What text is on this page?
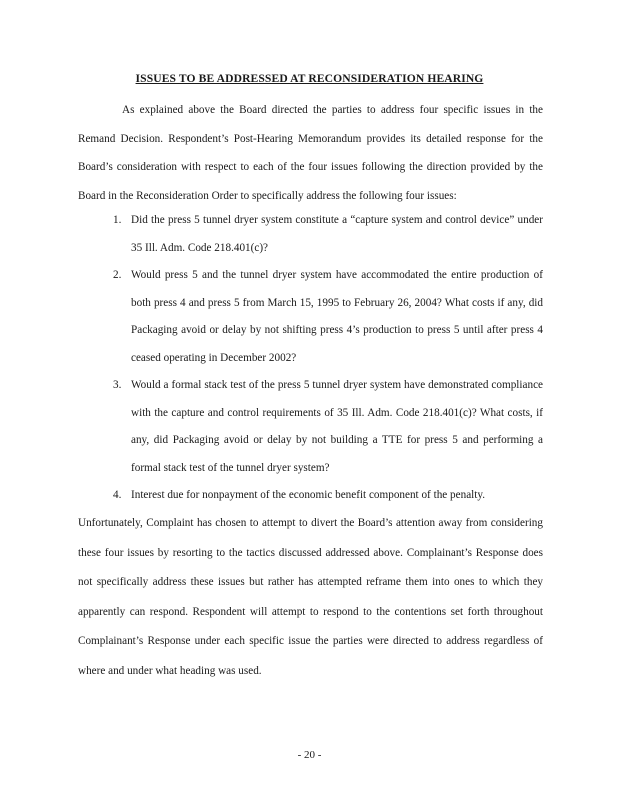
ISSUES TO BE ADDRESSED AT RECONSIDERATION HEARING

As explained above the Board directed the parties to address four specific issues in the Remand Decision. Respondent’s Post-Hearing Memorandum provides its detailed response for the Board’s consideration with respect to each of the four issues following the direction provided by the Board in the Reconsideration Order to specifically address the following four issues:

1. Did the press 5 tunnel dryer system constitute a “capture system and control device” under 35 Ill. Adm. Code 218.401(c)?
2. Would press 5 and the tunnel dryer system have accommodated the entire production of both press 4 and press 5 from March 15, 1995 to February 26, 2004? What costs if any, did Packaging avoid or delay by not shifting press 4’s production to press 5 until after press 4 ceased operating in December 2002?
3. Would a formal stack test of the press 5 tunnel dryer system have demonstrated compliance with the capture and control requirements of 35 Ill. Adm. Code 218.401(c)? What costs, if any, did Packaging avoid or delay by not building a TTE for press 5 and performing a formal stack test of the tunnel dryer system?
4. Interest due for nonpayment of the economic benefit component of the penalty.

Unfortunately, Complaint has chosen to attempt to divert the Board’s attention away from considering these four issues by resorting to the tactics discussed addressed above. Complainant’s Response does not specifically address these issues but rather has attempted reframe them into ones to which they apparently can respond. Respondent will attempt to respond to the contentions set forth throughout Complainant’s Response under each specific issue the parties were directed to address regardless of where and under what heading was used.

- 20 -
